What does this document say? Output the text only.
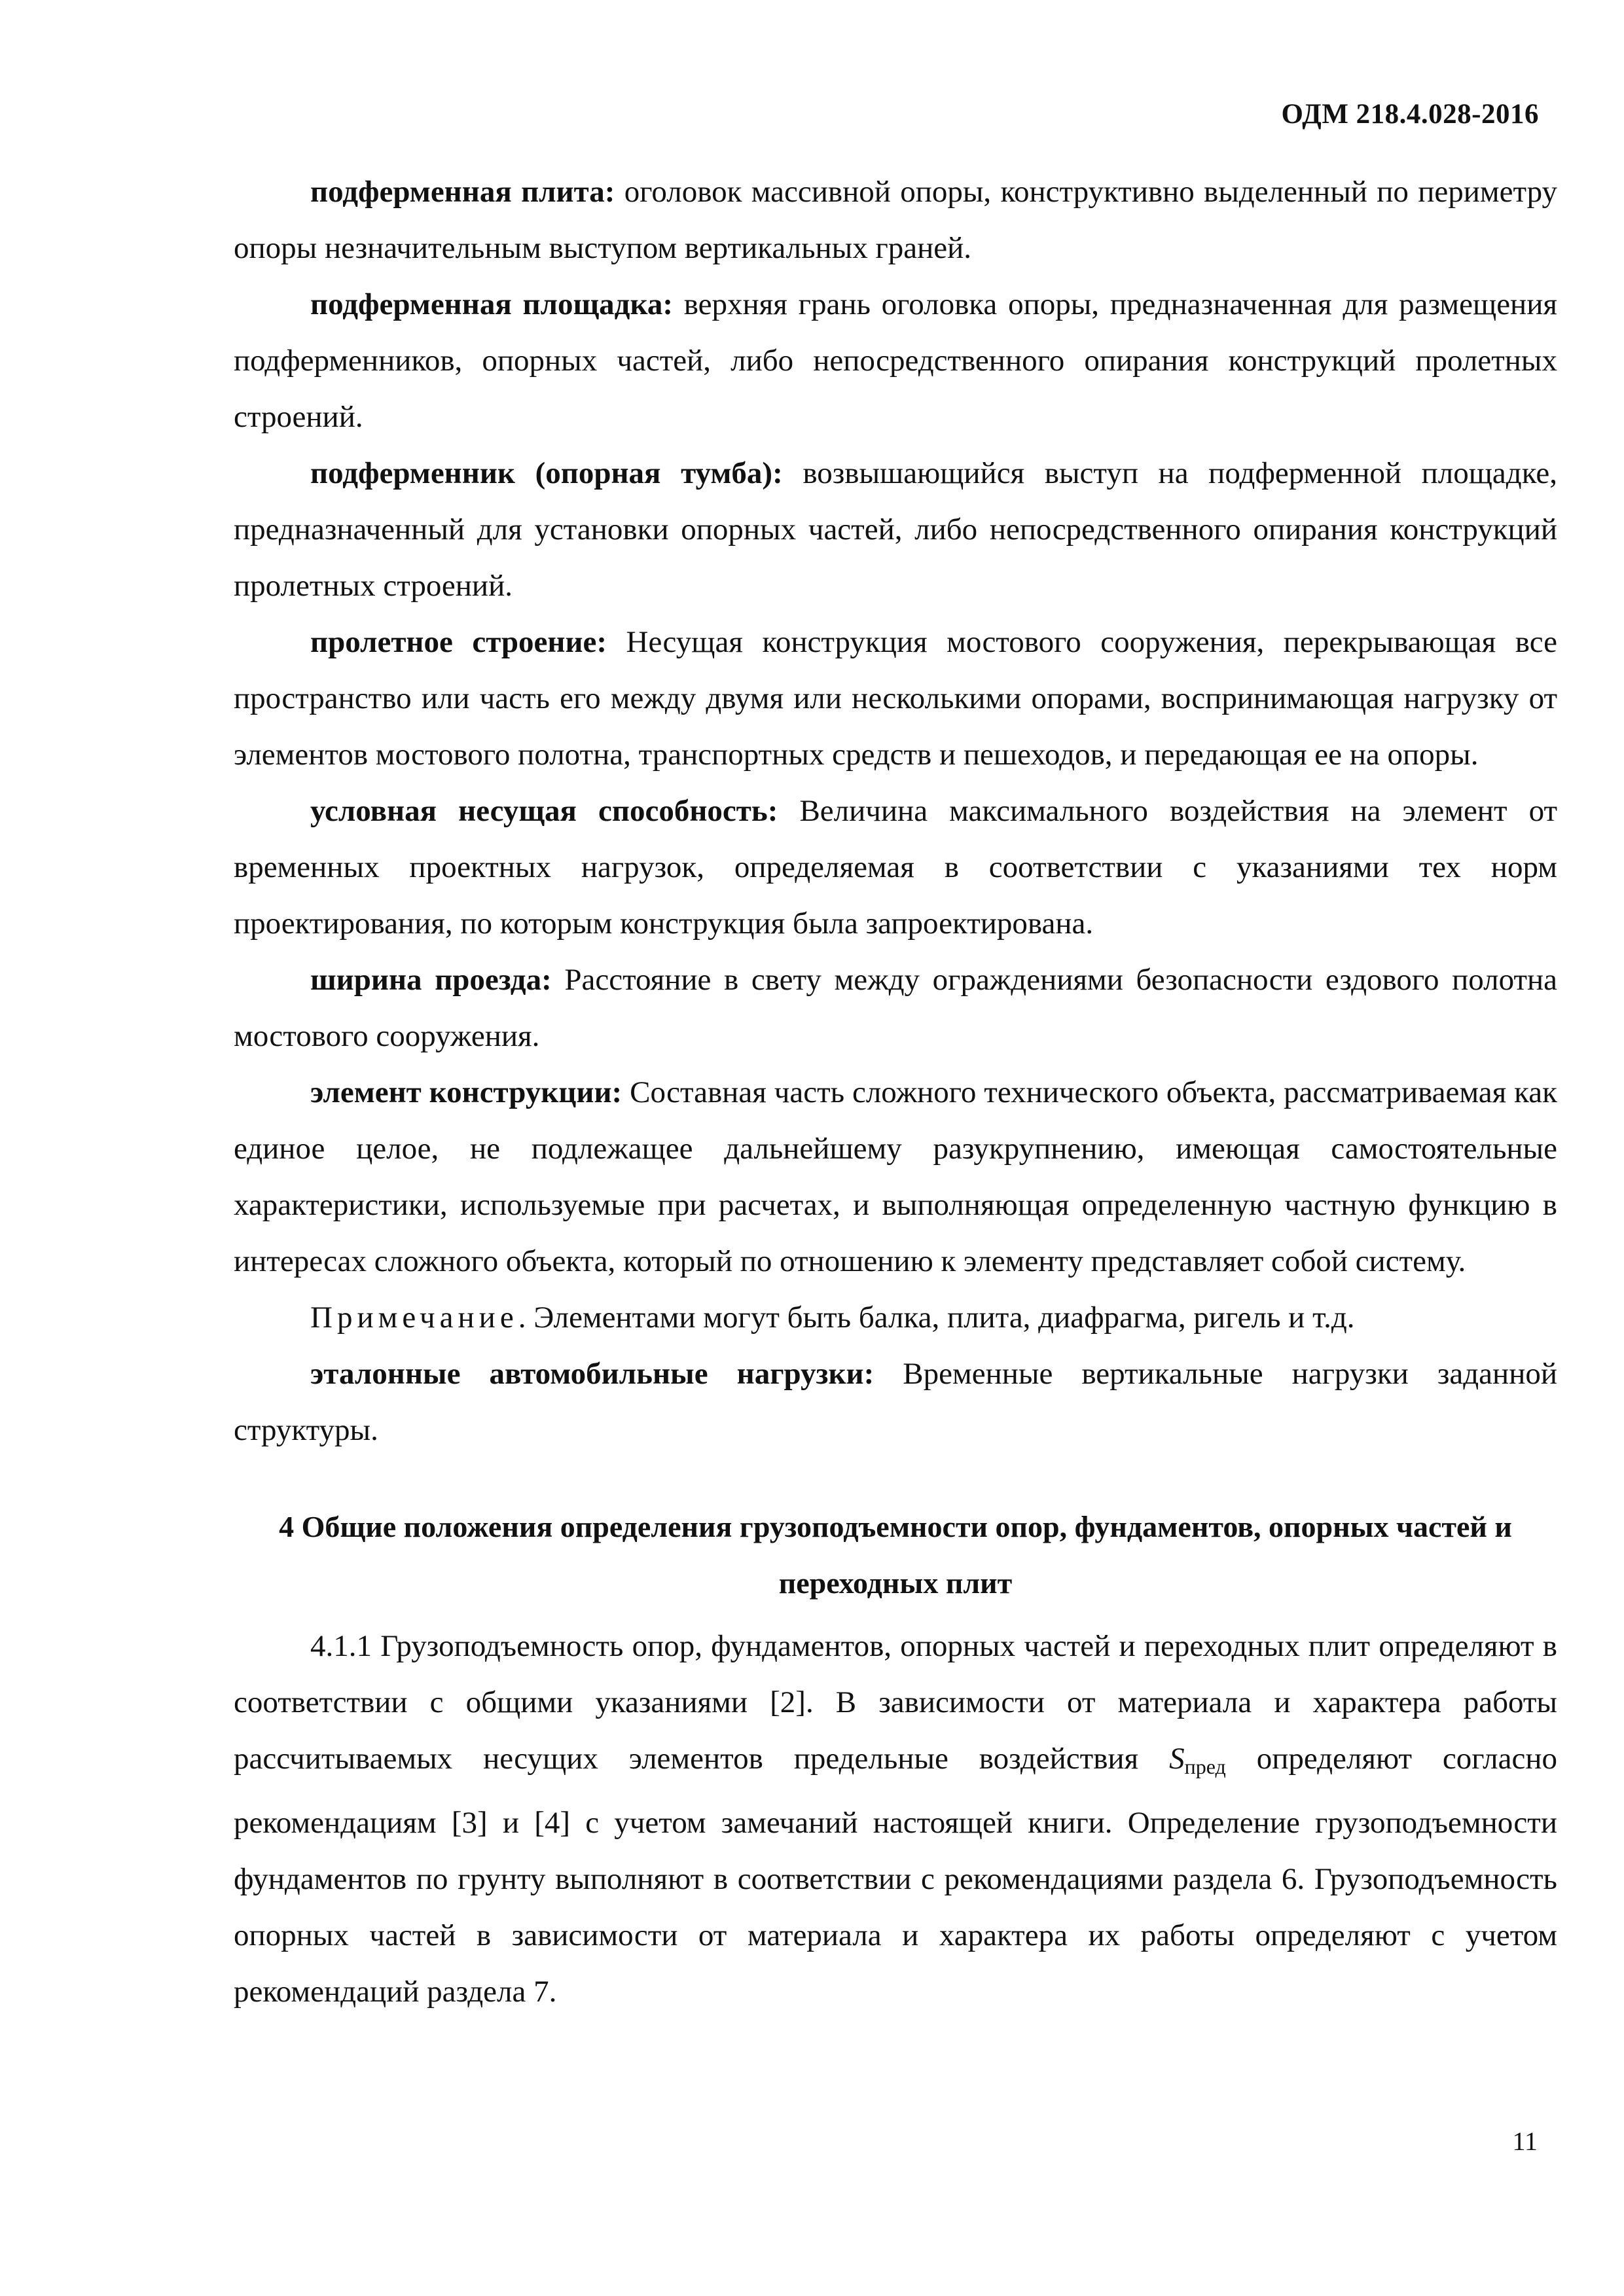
ОДМ 218.4.028-2016

подферменная плита: оголовок массивной опоры, конструктивно выделенный по периметру опоры незначительным выступом вертикальных граней.

подферменная площадка: верхняя грань оголовка опоры, предназначенная для размещения подферменников, опорных частей, либо непосредственного опирания конструкций пролетных строений.

подферменник (опорная тумба): возвышающийся выступ на подферменной площадке, предназначенный для установки опорных частей, либо непосредственного опирания конструкций пролетных строений.

пролетное строение: Несущая конструкция мостового сооружения, перекрывающая все пространство или часть его между двумя или несколькими опорами, воспринимающая нагрузку от элементов мостового полотна, транспортных средств и пешеходов, и передающая ее на опоры.

условная несущая способность: Величина максимального воздействия на элемент от временных проектных нагрузок, определяемая в соответствии с указаниями тех норм проектирования, по которым конструкция была запроектирована.

ширина проезда: Расстояние в свету между ограждениями безопасности ездового полотна мостового сооружения.

элемент конструкции: Составная часть сложного технического объекта, рассматриваемая как единое целое, не подлежащее дальнейшему разукрупнению, имеющая самостоятельные характеристики, используемые при расчетах, и выполняющая определенную частную функцию в интересах сложного объекта, который по отношению к элементу представляет собой систему.

Примечание. Элементами могут быть балка, плита, диафрагма, ригель и т.д.

эталонные автомобильные нагрузки: Временные вертикальные нагрузки заданной структуры.

4 Общие положения определения грузоподъемности опор, фундаментов, опорных частей и переходных плит

4.1.1 Грузоподъемность опор, фундаментов, опорных частей и переходных плит определяют в соответствии с общими указаниями [2]. В зависимости от материала и характера работы рассчитываемых несущих элементов предельные воздействия $S_{пред}$ определяют согласно рекомендациям [3] и [4] с учетом замечаний настоящей книги. Определение грузоподъемности фундаментов по грунту выполняют в соответствии с рекомендациями раздела 6. Грузоподъемность опорных частей в зависимости от материала и характера их работы определяют с учетом рекомендаций раздела 7.

11
